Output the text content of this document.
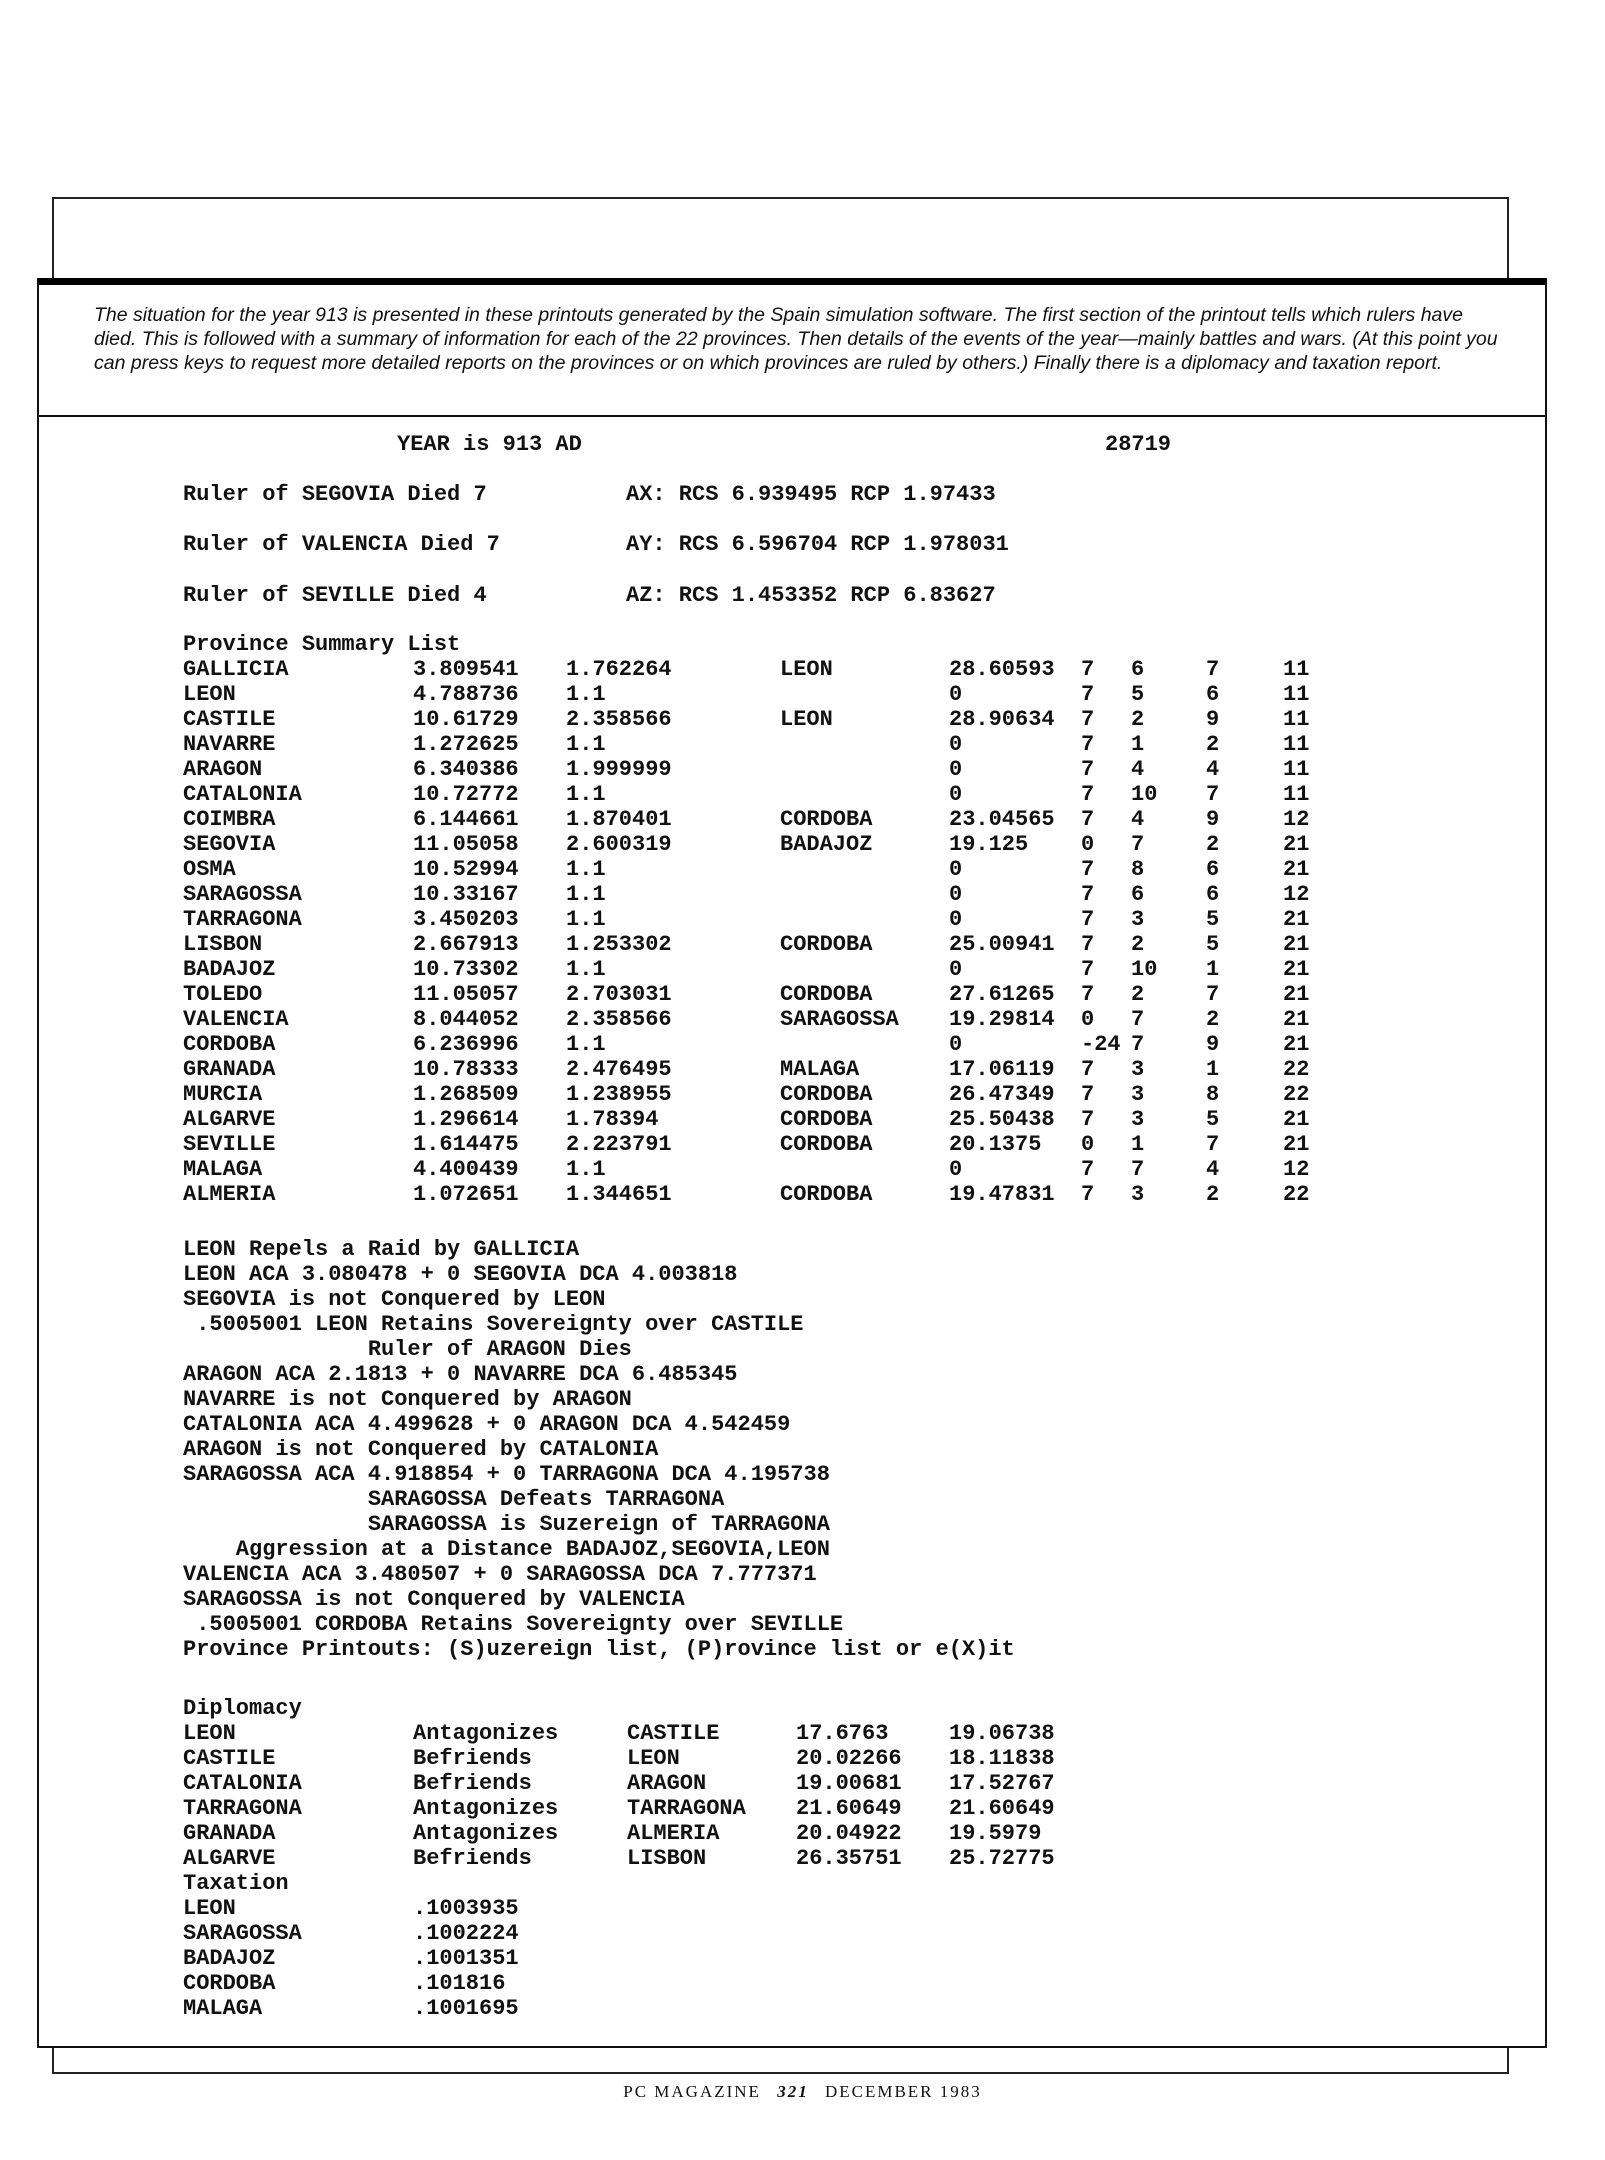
The situation for the year 913 is presented in these printouts generated by the Spain simulation software. The first section of the printout tells which rulers have died. This is followed with a summary of information for each of the 22 provinces. Then details of the events of the year—mainly battles and wars. (At this point you can press keys to request more detailed reports on the provinces or on which provinces are ruled by others.) Finally there is a diplomacy and taxation report.

YEAR is 913 AD	28719
Ruler of SEGOVIA Died 7	AX: RCS 6.939495 RCP 1.97433
Ruler of VALENCIA Died 7	AY: RCS 6.596704 RCP 1.978031
Ruler of SEVILLE Died 4	AZ: RCS 1.453352 RCP 6.83627
Province Summary List
GALLICIA	3.809541	1.762264	LEON	28.60593	7	6	7	11
LEON	4.788736	1.1		0	7	5	6	11
CASTILE	10.61729	2.358566	LEON	28.90634	7	2	9	11
NAVARRE	1.272625	1.1		0	7	1	2	11
ARAGON	6.340386	1.999999		0	7	4	4	11
CATALONIA	10.72772	1.1		0	7	10	7	11
COIMBRA	6.144661	1.870401	CORDOBA	23.04565	7	4	9	12
SEGOVIA	11.05058	2.600319	BADAJOZ	19.125	0	7	2	21
OSMA	10.52994	1.1		0	7	8	6	21
SARAGOSSA	10.33167	1.1		0	7	6	6	12
TARRAGONA	3.450203	1.1		0	7	3	5	21
LISBON	2.667913	1.253302	CORDOBA	25.00941	7	2	5	21
BADAJOZ	10.73302	1.1		0	7	10	1	21
TOLEDO	11.05057	2.703031	CORDOBA	27.61265	7	2	7	21
VALENCIA	8.044052	2.358566	SARAGOSSA	19.29814	0	7	2	21
CORDOBA	6.236996	1.1		0	-24	7	9	21
GRANADA	10.78333	2.476495	MALAGA	17.06119	7	3	1	22
MURCIA	1.268509	1.238955	CORDOBA	26.47349	7	3	8	22
ALGARVE	1.296614	1.78394	CORDOBA	25.50438	7	3	5	21
SEVILLE	1.614475	2.223791	CORDOBA	20.1375	0	1	7	21
MALAGA	4.400439	1.1		0	7	7	4	12
ALMERIA	1.072651	1.344651	CORDOBA	19.47831	7	3	2	22
LEON Repels a Raid by GALLICIA
LEON ACA 3.080478 + 0 SEGOVIA DCA 4.003818
SEGOVIA is not Conquered by LEON
.5005001 LEON Retains Sovereignty over CASTILE
Ruler of ARAGON Dies
ARAGON ACA 2.1813 + 0 NAVARRE DCA 6.485345
NAVARRE is not Conquered by ARAGON
CATALONIA ACA 4.499628 + 0 ARAGON DCA 4.542459
ARAGON is not Conquered by CATALONIA
SARAGOSSA ACA 4.918854 + 0 TARRAGONA DCA 4.195738
SARAGOSSA Defeats TARRAGONA
SARAGOSSA is Suzereign of TARRAGONA
Aggression at a Distance BADAJOZ,SEGOVIA,LEON
VALENCIA ACA 3.480507 + 0 SARAGOSSA DCA 7.777371
SARAGOSSA is not Conquered by VALENCIA
.5005001 CORDOBA Retains Sovereignty over SEVILLE
Province Printouts: (S)uzereign list, (P)rovince list or e(X)it
Diplomacy
LEON	Antagonizes	CASTILE	17.6763	19.06738
CASTILE	Befriends	LEON	20.02266	18.11838
CATALONIA	Befriends	ARAGON	19.00681	17.52767
TARRAGONA	Antagonizes	TARRAGONA	21.60649	21.60649
GRANADA	Antagonizes	ALMERIA	20.04922	19.5979
ALGARVE	Befriends	LISBON	26.35751	25.72775
Taxation
LEON	.1003935
SARAGOSSA	.1002224
BADAJOZ	.1001351
CORDOBA	.101816
MALAGA	.1001695
PC MAGAZINE 321 DECEMBER 1983
